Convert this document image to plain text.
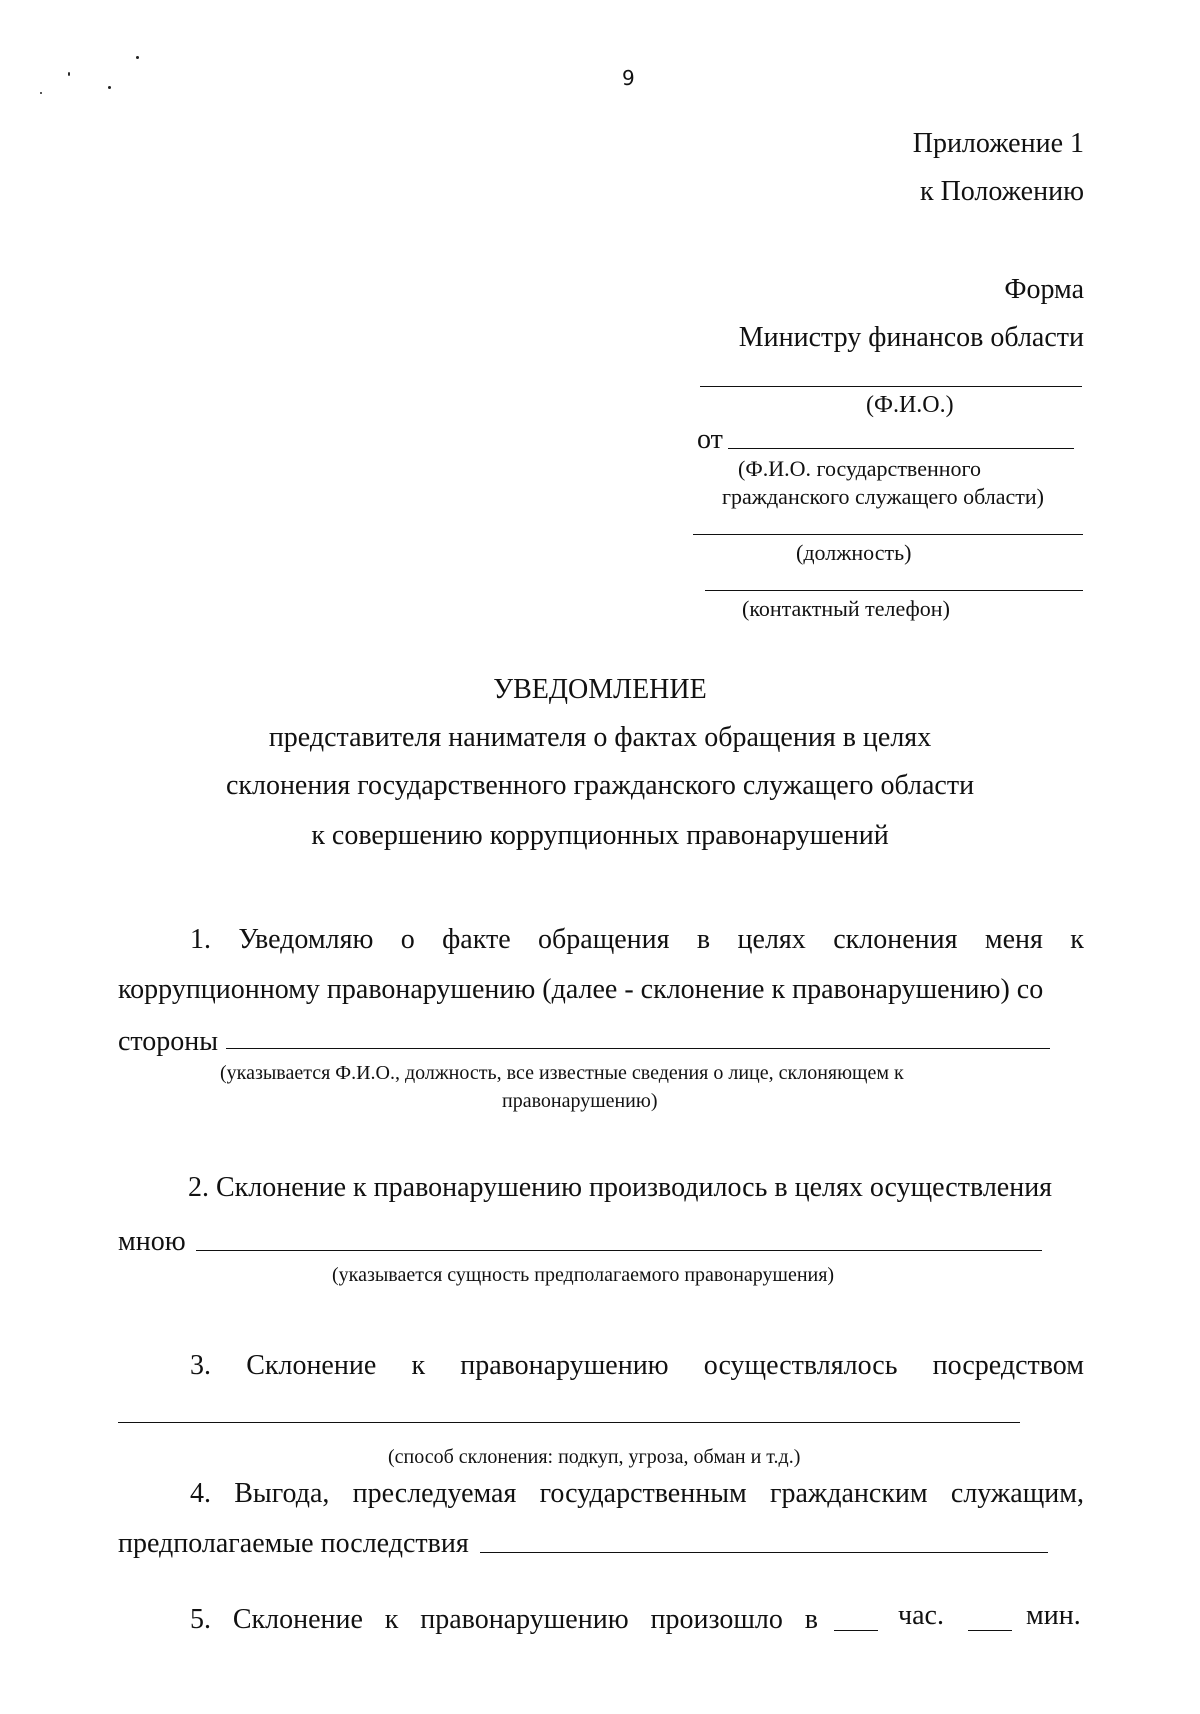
9
Приложение 1
к Положению
Форма
Министру финансов области
(Ф.И.О.)
от
(Ф.И.О. государственного
гражданского служащего области)
(должность)
(контактный телефон)
УВЕДОМЛЕНИЕ
представителя нанимателя о фактах обращения в целях
склонения государственного гражданского служащего области
к совершению коррупционных правонарушений
1. Уведомляю о факте обращения в целях склонения меня к
коррупционному правонарушению (далее - склонение к правонарушению) со
стороны
(указывается Ф.И.О., должность, все известные сведения о лице, склоняющем к
правонарушению)
2. Склонение к правонарушению производилось в целях осуществления
мною
(указывается сущность предполагаемого правонарушения)
3. Склонение к правонарушению осуществлялось посредством
(способ склонения: подкуп, угроза, обман и т.д.)
4. Выгода, преследуемая государственным гражданским служащим,
предполагаемые последствия
5. Склонение к правонарушению произошло в	час.	мин.
